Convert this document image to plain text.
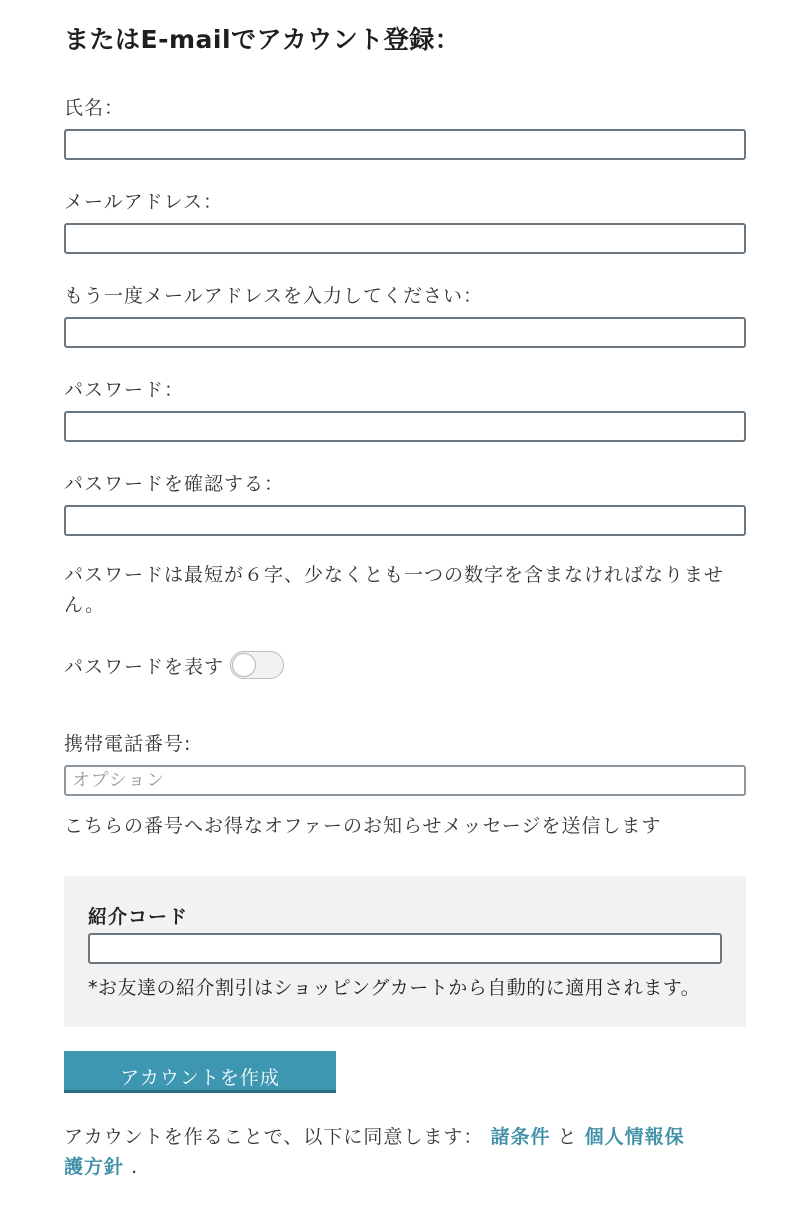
またはE-mailでアカウント登録：
氏名：
メールアドレス：
もう一度メールアドレスを入力してください：
パスワード：
パスワードを確認する：
パスワードは最短が６字、少なくとも一つの数字を含まなければなりません。
パスワードを表す
携帯電話番号:
オプション
こちらの番号へお得なオファーのお知らせメッセージを送信します
紹介コード
*お友達の紹介割引はショッピングカートから自動的に適用されます。
アカウントを作成
アカウントを作ることで、以下に同意します： 諸条件 と 個人情報保護方針 .
